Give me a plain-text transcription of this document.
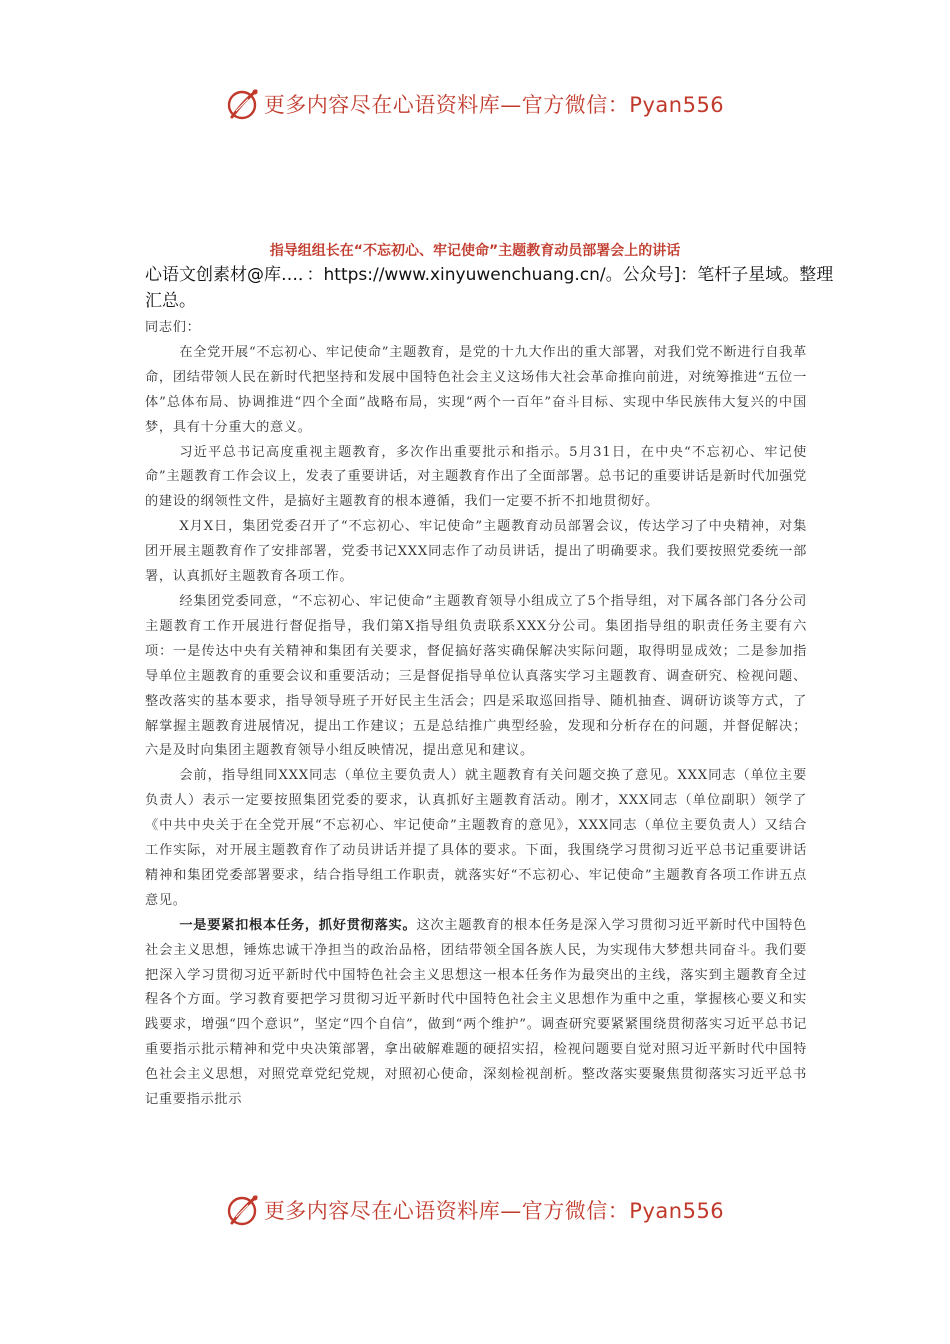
更多内容尽在心语资料库—官方微信：Pyan556
指导组组长在“不忘初心、牢记使命”主题教育动员部署会上的讲话
心语文创素材@库…．：https://www.xinyuwenchuang.cn/。公众号]：笔杆子星域。整理汇总。

同志们：

在全党开展“不忘初心、牢记使命”主题教育，是党的十九大作出的重大部署，对我们党不断进行自我革命，团结带领人民在新时代把坚持和发展中国特色社会主义这场伟大社会革命推向前进，对统筹推进“五位一体”总体布局、协调推进“四个全面”战略布局，实现“两个一百年”奋斗目标、实现中华民族伟大复兴的中国梦，具有十分重大的意义。

习近平总书记高度重视主题教育，多次作出重要批示和指示。5月31日，在中央“不忘初心、牢记使命”主题教育工作会议上，发表了重要讲话，对主题教育作出了全面部署。总书记的重要讲话是新时代加强党的建设的纲领性文件，是搞好主题教育的根本遵循，我们一定要不折不扣地贯彻好。

X月X日，集团党委召开了“不忘初心、牢记使命”主题教育动员部署会议，传达学习了中央精神，对集团开展主题教育作了安排部署，党委书记XXX同志作了动员讲话，提出了明确要求。我们要按照党委统一部署，认真抓好主题教育各项工作。

经集团党委同意，“不忘初心、牢记使命”主题教育领导小组成立了5个指导组，对下属各部门各分公司主题教育工作开展进行督促指导，我们第X指导组负责联系XXX分公司。集团指导组的职责任务主要有六项：一是传达中央有关精神和集团有关要求，督促搞好落实确保解决实际问题，取得明显成效；二是参加指导单位主题教育的重要会议和重要活动；三是督促指导单位认真落实学习主题教育、调查研究、检视问题、整改落实的基本要求，指导领导班子开好民主生活会；四是采取巡回指导、随机抽查、调研访谈等方式，了解掌握主题教育进展情况，提出工作建议；五是总结推广典型经验，发现和分析存在的问题，并督促解决；六是及时向集团主题教育领导小组反映情况，提出意见和建议。

会前，指导组同XXX同志（单位主要负责人）就主题教育有关问题交换了意见。XXX同志（单位主要负责人）表示一定要按照集团党委的要求，认真抓好主题教育活动。刚才，XXX同志（单位副职）领学了《中共中央关于在全党开展“不忘初心、牢记使命”主题教育的意见》，XXX同志（单位主要负责人）又结合工作实际，对开展主题教育作了动员讲话并提了具体的要求。下面，我围绕学习贯彻习近平总书记重要讲话精神和集团党委部署要求，结合指导组工作职责，就落实好“不忘初心、牢记使命”主题教育各项工作讲五点意见。

一是要紧扣根本任务，抓好贯彻落实。这次主题教育的根本任务是深入学习贯彻习近平新时代中国特色社会主义思想，锤炼忠诚干净担当的政治品格，团结带领全国各族人民，为实现伟大梦想共同奋斗。我们要把深入学习贯彻习近平新时代中国特色社会主义思想这一根本任务作为最突出的主线，落实到主题教育全过程各个方面。学习教育要把学习贯彻习近平新时代中国特色社会主义思想作为重中之重，掌握核心要义和实践要求，增强“四个意识”，坚定“四个自信”，做到“两个维护”。调查研究要紧紧围绕贯彻落实习近平总书记重要指示批示精神和党中央决策部署，拿出破解难题的硬招实招，检视问题要自觉对照习近平新时代中国特色社会主义思想，对照党章党纪党规，对照初心使命，深刻检视剖析。整改落实要聚焦贯彻落实习近平总书记重要指示批示

更多内容尽在心语资料库—官方微信：Pyan556
